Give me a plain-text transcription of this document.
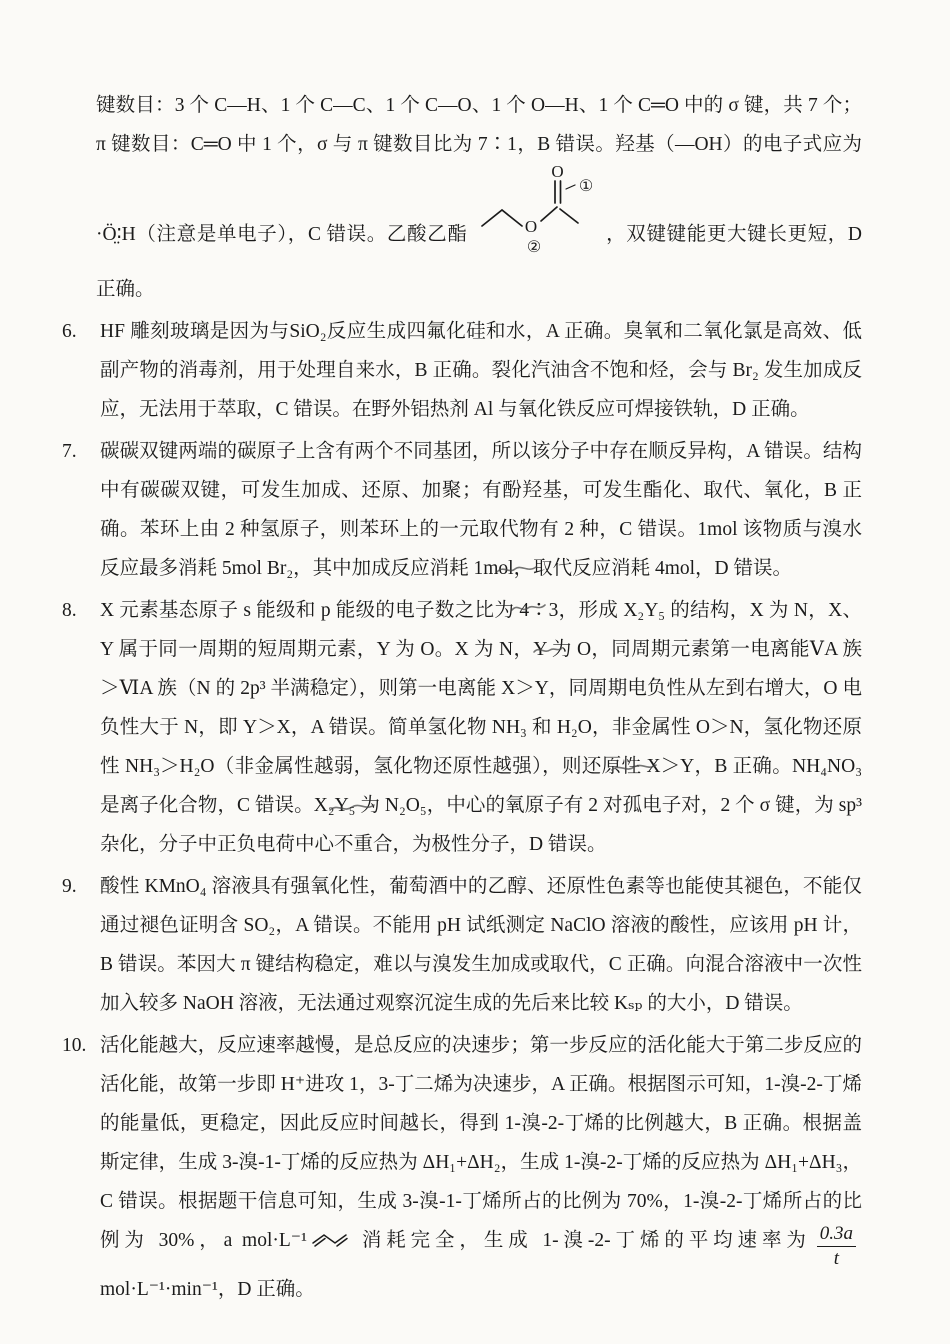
键数目：3 个 C—H、1 个 C—C、1 个 C—O、1 个 O—H、1 个 C═O 中的 σ 键，共 7 个；π 键数目：C═O 中 1 个，σ 与 π 键数目比为 7∶1，B 错误。羟基（—OH）的电子式应为 ·Ö̤∶H（注意是单电子），C 错误。乙酸乙酯	O
O
①
②
，双键键能更大键长更短，D 正确。
6.	HF 雕刻玻璃是因为与SiO₂反应生成四氟化硅和水，A 正确。臭氧和二氧化氯是高效、低副产物的消毒剂，用于处理自来水，B 正确。裂化汽油含不饱和烃，会与 Br₂ 发生加成反应，无法用于萃取，C 错误。在野外铝热剂 Al 与氧化铁反应可焊接铁轨，D 正确。
7.	碳碳双键两端的碳原子上含有两个不同基团，所以该分子中存在顺反异构，A 错误。结构中有碳碳双键，可发生加成、还原、加聚；有酚羟基，可发生酯化、取代、氧化，B 正确。苯环上由 2 种氢原子，则苯环上的一元取代物有 2 种，C 错误。1mol 该物质与溴水反应最多消耗 5mol Br₂，其中加成反应消耗 1mol，取代反应消耗 4mol，D 错误。
8.	X 元素基态原子 s 能级和 p 能级的电子数之比为 4∶3，形成 X₂Y₅ 的结构，X 为 N，X、Y 属于同一周期的短周期元素，Y 为 O。X 为 N，Y 为 O，同周期元素第一电离能ⅤA 族＞ⅥA 族（N 的 2p³ 半满稳定），则第一电离能 X＞Y，同周期电负性从左到右增大，O 电负性大于 N，即 Y＞X，A 错误。简单氢化物 NH₃ 和 H₂O，非金属性 O＞N，氢化物还原性 NH₃＞H₂O（非金属性越弱，氢化物还原性越强），则还原性 X＞Y，B 正确。NH₄NO₃ 是离子化合物，C 错误。X₂Y₅ 为 N₂O₅，中心的氧原子有 2 对孤电子对，2 个 σ 键，为 sp³ 杂化，分子中正负电荷中心不重合，为极性分子，D 错误。
9.	酸性 KMnO₄ 溶液具有强氧化性，葡萄酒中的乙醇、还原性色素等也能使其褪色，不能仅通过褪色证明含 SO₂，A 错误。不能用 pH 试纸测定 NaClO 溶液的酸性，应该用 pH 计，B 错误。苯因大 π 键结构稳定，难以与溴发生加成或取代，C 正确。向混合溶液中一次性加入较多 NaOH 溶液，无法通过观察沉淀生成的先后来比较 Kₛₚ 的大小，D 错误。
10. 活化能越大，反应速率越慢，是总反应的决速步；第一步反应的活化能大于第二步反应的活化能，故第一步即 H⁺进攻 1，3-丁二烯为决速步，A 正确。根据图示可知，1-溴-2-丁烯的能量低，更稳定，因此反应时间越长，得到 1-溴-2-丁烯的比例越大，B 正确。根据盖斯定律，生成 3-溴-1-丁烯的反应热为 ΔH₁+ΔH₂，生成 1-溴-2-丁烯的反应热为 ΔH₁+ΔH₃，C 错误。根据题干信息可知，生成 3-溴-1-丁烯所占的比例为 70%，1-溴-2-丁烯所占的比例为 30%，a mol·L⁻¹	消耗完全，生成 1-溴-2-丁烯的平均速率为 $\frac{0.3a}{t}$
mol·L⁻¹·min⁻¹，D 正确。
